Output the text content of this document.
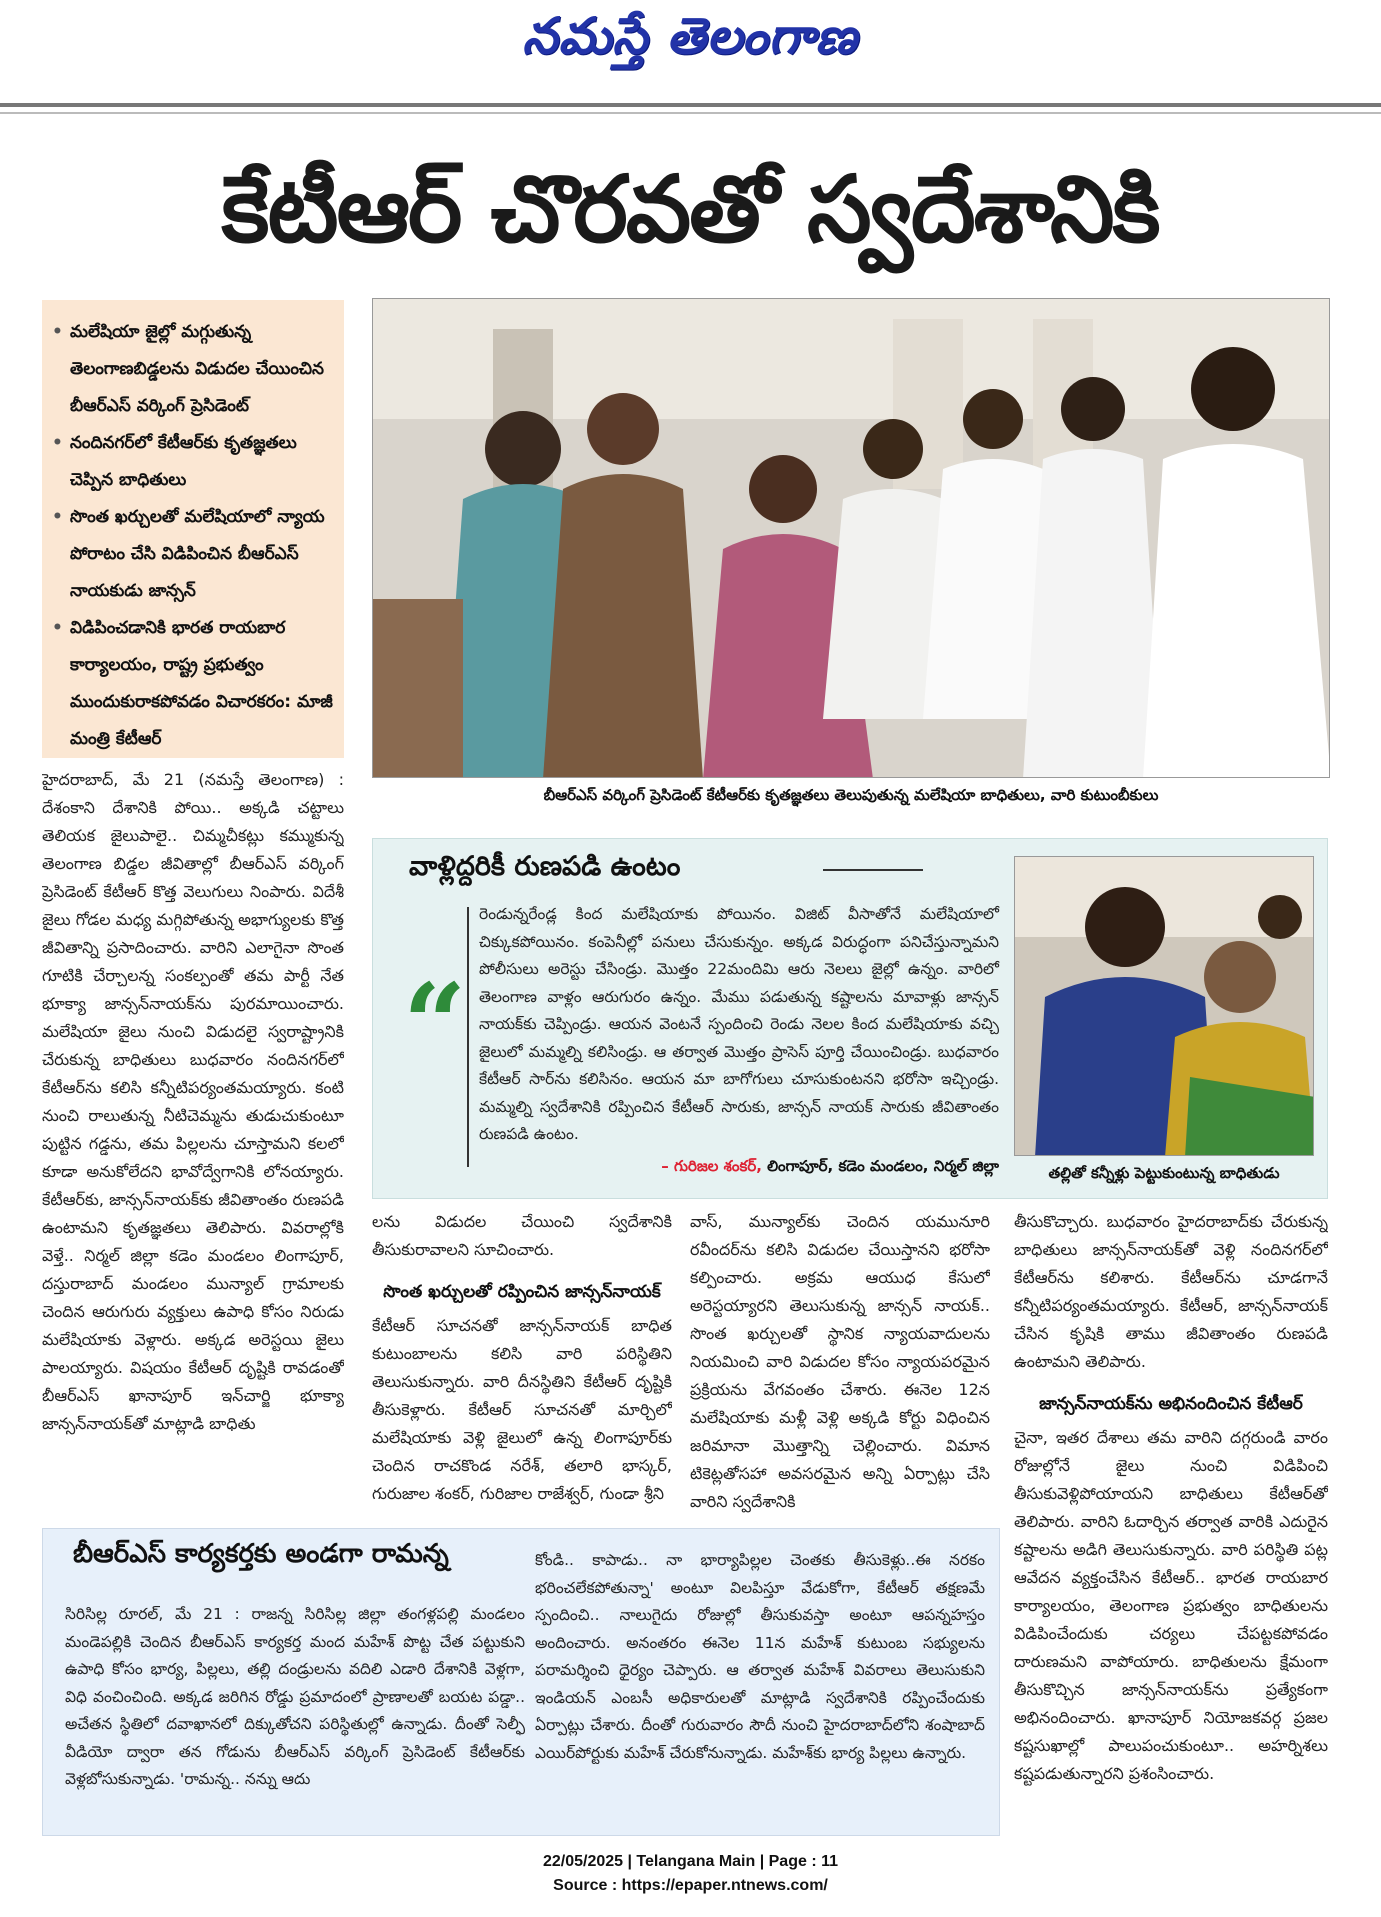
నమస్తే తెలంగాణ
కేటీఆర్ చొరవతో స్వదేశానికి
• మలేషియా జైల్లో మగ్గుతున్న తెలంగాణబిడ్డలను విడుదల చేయించిన బీఆర్ఎస్ వర్కింగ్ ప్రెసిడెంట్
• నందినగర్‌లో కేటీఆర్‌కు కృతజ్ఞతలు చెప్పిన బాధితులు
• సొంత ఖర్చులతో మలేషియాలో న్యాయ పోరాటం చేసి విడిపించిన బీఆర్ఎస్ నాయకుడు జాన్సన్
• విడిపించడానికి భారత రాయబార కార్యాలయం, రాష్ట్ర ప్రభుత్వం ముందుకురాకపోవడం విచారకరం: మాజీ మంత్రి కేటీఆర్
బీఆర్ఎస్ వర్కింగ్ ప్రెసిడెంట్ కేటీఆర్‌కు కృతజ్ఞతలు తెలుపుతున్న మలేషియా బాధితులు, వారి కుటుంబీకులు

హైదరాబాద్, మే 21 (నమస్తే తెలంగాణ) : దేశంకాని దేశానికి పోయి.. అక్కడి చట్టాలు తెలియక జైలుపాలై.. చిమ్మచీకట్లు కమ్ముకున్న తెలంగాణ బిడ్డల జీవితాల్లో బీఆర్ఎస్ వర్కింగ్ ప్రెసిడెంట్ కేటీఆర్ కొత్త వెలుగులు నింపారు. విదేశీ జైలు గోడల మధ్య మగ్గిపోతున్న అభాగ్యులకు కొత్త జీవితాన్ని ప్రసాదించారు. వారిని ఎలాగైనా సొంత గూటికి చేర్చాలన్న సంకల్పంతో తమ పార్టీ నేత భూక్యా జాన్సన్‌నాయక్‌ను పురమాయించారు. మలేషియా జైలు నుంచి విడుదలై స్వరాష్ట్రానికి చేరుకున్న బాధితులు బుధవారం నందినగర్‌లో కేటీఆర్‌ను కలిసి కన్నీటిపర్యంతమయ్యారు. కంటి నుంచి రాలుతున్న నీటిచెమ్మను తుడుచుకుంటూ పుట్టిన గడ్డను, తమ పిల్లలను చూస్తామని కలలో కూడా అనుకోలేదని భావోద్వేగానికి లోనయ్యారు. కేటీఆర్‌కు, జాన్సన్‌నాయక్‌కు జీవితాంతం రుణపడి ఉంటామని కృతజ్ఞతలు తెలిపారు. వివరాల్లోకి వెళ్తే.. నిర్మల్ జిల్లా కడెం మండలం లింగాపూర్, దస్తురాబాద్ మండలం మున్యాల్ గ్రామాలకు చెందిన ఆరుగురు వ్యక్తులు ఉపాధి కోసం నిరుడు మలేషియాకు వెళ్లారు. అక్కడ అరెస్టయి జైలు పాలయ్యారు. విషయం కేటీఆర్ దృష్టికి రావడంతో బీఆర్ఎస్ ఖానాపూర్ ఇన్‌చార్జి భూక్యా జాన్సన్‌నాయక్‌తో మాట్లాడి బాధితు

వాళ్లిద్దరికీ రుణపడి ఉంటం
“
రెండున్నరేండ్ల కింద మలేషియాకు పోయినం. విజిట్ వీసాతోనే మలేషియాలో చిక్కుకపోయినం. కంపెనీల్లో పనులు చేసుకున్నం. అక్కడ విరుద్ధంగా పనిచేస్తున్నామని పోలీసులు అరెస్టు చేసిండ్రు. మొత్తం 22మందిమి ఆరు నెలలు జైల్లో ఉన్నం. వారిలో తెలంగాణ వాళ్లం ఆరుగురం ఉన్నం. మేము పడుతున్న కష్టాలను మావాళ్లు జాన్సన్ నాయక్‌కు చెప్పిండ్రు. ఆయన వెంటనే స్పందించి రెండు నెలల కింద మలేషియాకు వచ్చి జైలులో మమ్మల్ని కలిసిండ్రు. ఆ తర్వాత మొత్తం ప్రాసెస్ పూర్తి చేయించిండ్రు. బుధవారం కేటీఆర్ సార్‌ను కలిసినం. ఆయన మా బాగోగులు చూసుకుంటనని భరోసా ఇచ్చిండ్రు. మమ్మల్ని స్వదేశానికి రప్పించిన కేటీఆర్ సారుకు, జాన్సన్ నాయక్ సారుకు జీవితాంతం రుణపడి ఉంటం.
– గురిజల శంకర్, లింగాపూర్, కడెం మండలం, నిర్మల్ జిల్లా	తల్లితో కన్నీళ్లు పెట్టుకుంటున్న బాధితుడు

లను విడుదల చేయించి స్వదేశానికి తీసుకురావాలని సూచించారు.

సొంత ఖర్చులతో రప్పించిన జాన్సన్‌నాయక్

కేటీఆర్ సూచనతో జాన్సన్‌నాయక్ బాధిత కుటుంబాలను కలిసి వారి పరిస్థితిని తెలుసుకున్నారు. వారి దీనస్థితిని కేటీఆర్ దృష్టికి తీసుకెళ్లారు. కేటీఆర్ సూచనతో మార్చిలో మలేషియాకు వెళ్లి జైలులో ఉన్న లింగాపూర్‌కు చెందిన రాచకొండ నరేశ్, తలారి భాస్కర్, గురుజాల శంకర్, గురిజాల రాజేశ్వర్, గుండా శ్రీని

వాస్, మున్యాల్‌కు చెందిన యమునూరి రవీందర్‌ను కలిసి విడుదల చేయిస్తానని భరోసా కల్పించారు. అక్రమ ఆయుధ కేసులో అరెస్టయ్యారని తెలుసుకున్న జాన్సన్ నాయక్.. సొంత ఖర్చులతో స్థానిక న్యాయవాదులను నియమించి వారి విడుదల కోసం న్యాయపరమైన ప్రక్రియను వేగవంతం చేశారు. ఈనెల 12న మలేషియాకు మళ్లీ వెళ్లి అక్కడి కోర్టు విధించిన జరిమానా మొత్తాన్ని చెల్లించారు. విమాన టికెట్లతోసహా అవసరమైన అన్ని ఏర్పాట్లు చేసి వారిని స్వదేశానికి

తీసుకొచ్చారు. బుధవారం హైదరాబాద్‌కు చేరుకున్న బాధితులు జాన్సన్‌నాయక్‌తో వెళ్లి నందినగర్‌లో కేటీఆర్‌ను కలిశారు. కేటీఆర్‌ను చూడగానే కన్నీటిపర్యంతమయ్యారు. కేటీఆర్, జాన్సన్‌నాయక్ చేసిన కృషికి తాము జీవితాంతం రుణపడి ఉంటామని తెలిపారు.

జాన్సన్‌నాయక్‌ను అభినందించిన కేటీఆర్

చైనా, ఇతర దేశాలు తమ వారిని దగ్గరుండి వారం రోజుల్లోనే జైలు నుంచి విడిపించి తీసుకువెళ్లిపోయాయని బాధితులు కేటీఆర్‌తో తెలిపారు. వారిని ఓదార్చిన తర్వాత వారికి ఎదురైన కష్టాలను అడిగి తెలుసుకున్నారు. వారి పరిస్థితి పట్ల ఆవేదన వ్యక్తంచేసిన కేటీఆర్.. భారత రాయబార కార్యాలయం, తెలంగాణ ప్రభుత్వం బాధితులను విడిపించేందుకు చర్యలు చేపట్టకపోవడం దారుణమని వాపోయారు. బాధితులను క్షేమంగా తీసుకొచ్చిన జాన్సన్‌నాయక్‌ను ప్రత్యేకంగా అభినందించారు. ఖానాపూర్ నియోజకవర్గ ప్రజల కష్టసుఖాల్లో పాలుపంచుకుంటూ.. అహర్నిశలు కష్టపడుతున్నారని ప్రశంసించారు.

బీఆర్ఎస్ కార్యకర్తకు అండగా రామన్న
సిరిసిల్ల రూరల్, మే 21 : రాజన్న సిరిసిల్ల జిల్లా తంగళ్లపల్లి మండలం మండెపల్లికి చెందిన బీఆర్ఎస్ కార్యకర్త మంద మహేశ్ పొట్ట చేత పట్టుకుని ఉపాధి కోసం భార్య, పిల్లలు, తల్లి దండ్రులను వదిలి ఎడారి దేశానికి వెళ్లగా, విధి వంచించింది. అక్కడ జరిగిన రోడ్డు ప్రమాదంలో ప్రాణాలతో బయట పడ్డా.. అచేతన స్థితిలో దవాఖానలో దిక్కుతోచని పరిస్థితుల్లో ఉన్నాడు. దీంతో సెల్ఫీ వీడియో ద్వారా తన గోడును బీఆర్ఎస్ వర్కింగ్ ప్రెసిడెంట్ కేటీఆర్‌కు వెళ్లబోసుకున్నాడు. 'రామన్న.. నన్ను ఆదు
కోండి.. కాపాడు.. నా భార్యాపిల్లల చెంతకు తీసుకెళ్లు..ఈ నరకం భరించలేకపోతున్నా' అంటూ విలపిస్తూ వేడుకోగా, కేటీఆర్ తక్షణమే స్పందించి.. నాలుగైదు రోజుల్లో తీసుకువస్తా అంటూ ఆపన్నహస్తం అందించారు. అనంతరం ఈనెల 11న మహేశ్ కుటుంబ సభ్యులను పరామర్శించి ధైర్యం చెప్పారు. ఆ తర్వాత మహేశ్ వివరాలు తెలుసుకుని ఇండియన్ ఎంబసీ అధికారులతో మాట్లాడి స్వదేశానికి రప్పించేందుకు ఏర్పాట్లు చేశారు. దీంతో గురువారం సౌదీ నుంచి హైదరాబాద్‌లోని శంషాబాద్ ఎయిర్‌పోర్టుకు మహేశ్ చేరుకోనున్నాడు. మహేశ్‌కు భార్య పిల్లలు ఉన్నారు.
22/05/2025 | Telangana Main | Page : 11
Source : https://epaper.ntnews.com/
